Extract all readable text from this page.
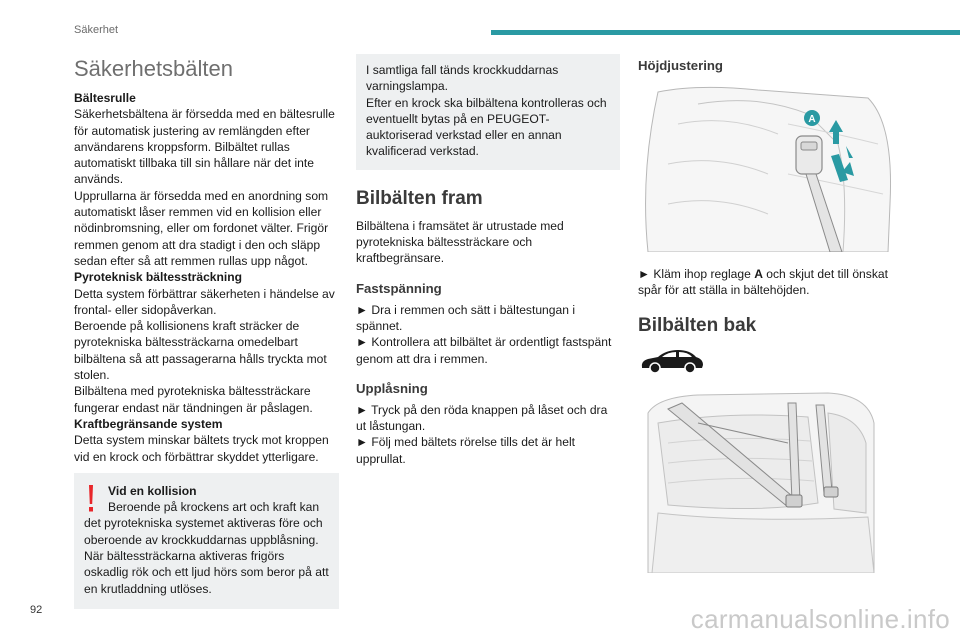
Säkerhet
Säkerhetsbälten

Bältesrulle

Säkerhetsbältena är försedda med en bältesrulle för automatisk justering av remlängden efter användarens kroppsform. Bilbältet rullas automatiskt tillbaka till sin hållare när det inte används.

Upprullarna är försedda med en anordning som automatiskt låser remmen vid en kollision eller nödinbromsning, eller om fordonet välter. Frigör remmen genom att dra stadigt i den och släpp sedan efter så att remmen rullas upp något.

Pyroteknisk bältessträckning

Detta system förbättrar säkerheten i händelse av frontal- eller sidopåverkan.

Beroende på kollisionens kraft sträcker de pyrotekniska bältessträckarna omedelbart bilbältena så att passagerarna hålls tryckta mot stolen.

Bilbältena med pyrotekniska bältessträckare fungerar endast när tändningen är påslagen.

Kraftbegränsande system

Detta system minskar bältets tryck mot kroppen vid en krock och förbättrar skyddet ytterligare.

Vid en kollision

Beroende på krockens art och kraft kan det pyrotekniska systemet aktiveras före och oberoende av krockkuddarnas uppblåsning.

När bältessträckarna aktiveras frigörs oskadlig rök och ett ljud hörs som beror på att en krutladdning utlöses.

I samtliga fall tänds krockkuddarnas varningslampa.

Efter en krock ska bilbältena kontrolleras och eventuellt bytas på en PEUGEOT-auktoriserad verkstad eller en annan kvalificerad verkstad.

Bilbälten fram

Bilbältena i framsätet är utrustade med pyrotekniska bältessträckare och kraftbegränsare.

Fastspänning

► Dra i remmen och sätt i bältestungan i spännet.

► Kontrollera att bilbältet är ordentligt fastspänt genom att dra i remmen.

Upplåsning

► Tryck på den röda knappen på låset och dra ut låstungan.

► Följ med bältets rörelse tills det är helt upprullat.

Höjdjustering
A

► Kläm ihop reglage A och skjut det till önskat spår för att ställa in bältehöjden.

Bilbälten bak
92	carmanualsonline.info
